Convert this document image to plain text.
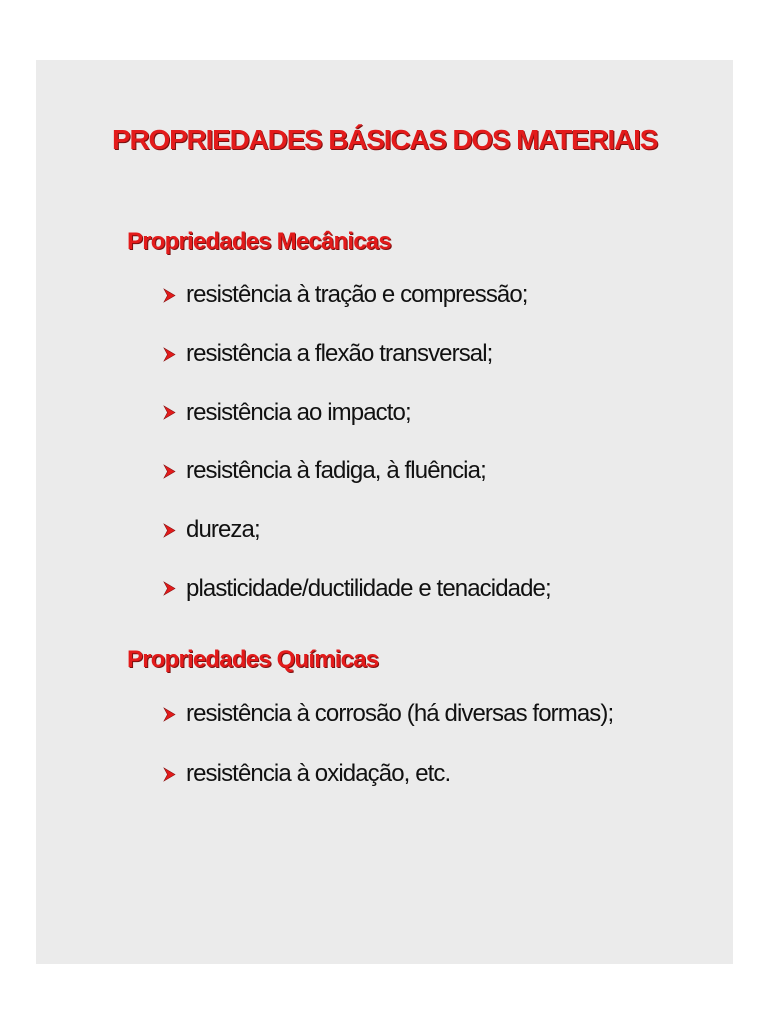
PROPRIEDADES BÁSICAS DOS MATERIAIS
Propriedades Mecânicas
resistência à tração e compressão;
resistência a flexão transversal;
resistência ao impacto;
resistência à fadiga, à fluência;
dureza;
plasticidade/ductilidade e tenacidade;
Propriedades Químicas
resistência à corrosão (há diversas formas);
resistência à oxidação, etc.
